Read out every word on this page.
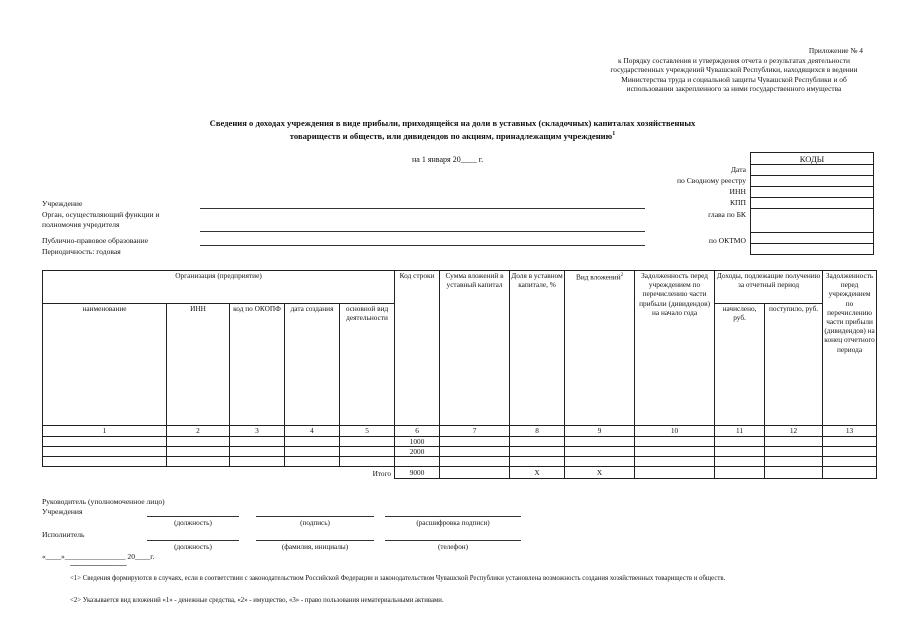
Приложение № 4
к Порядку составления и утверждения отчета о результатах деятельности государственных учреждений Чувашской Республики, находящихся в ведении Министерства труда и социальной защиты Чувашской Республики и об использовании закрепленного за ними государственного имущества
Сведения о доходах учреждения в виде прибыли, приходящейся на доли в уставных (складочных) капиталах хозяйственных
товариществ и обществ, или дивидендов по акциям, принадлежащим учреждению$^1$
на 1 января 20____ г.	КОДЫ

Дата
по Сводному реестру
ИНН
КПП
глава по БК
по ОКТМО
Учреждение
Орган, осуществляющий функции и
полномочия учредителя
Публично-правовое образование
Периодичность: годовая
Организация (предприятие)					Код строки	Сумма вложений в уставный капитал	Доля в уставном капитале, %	Вид вложений$^2$	Задолженность перед учреждением по перечислению части прибыли (дивидендов) на начало года	Доходы, подлежащие получению за отчетный период		Задолженность перед учреждением по перечислению части прибыли (дивидендов) на конец отчетного периода
наименование	ИНН	код по ОКОПФ	дата создания	основной вид деятельности						начислено, руб.	поступило, руб.	
1	2	3	4	5	6	7	8	9	10	11	12	13
					1000							
					2000							

Итого					9000		X	X				
Руководитель (уполномоченное лицо)
Учреждения
(должность)	(подпись)	(расшифровка подписи)
Исполнитель
(должность)	(фамилия, инициалы)	(телефон)
«____»________________ 20____г.
--------------------------------
<1> Сведения формируются в случаях, если в соответствии с законодательством Российской Федерации и законодательством Чувашской Республики установлена возможность создания хозяйственных товариществ и обществ.
<2> Указывается вид вложений «1» - денежные средства, «2» - имущество, «3» - право пользования нематериальными активами.
